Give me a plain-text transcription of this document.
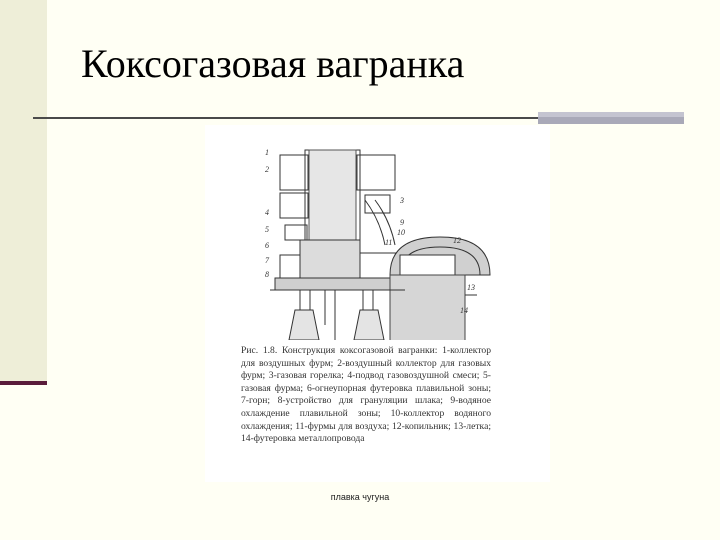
Коксогазовая вагранка
1
2
3
4
5
6
7
8
9
10
11	12
13
14
Рис. 1.8. Конструкция коксогазовой вагранки: 1-коллектор для воздушных фурм; 2-воздушный коллектор для газовых фурм; 3-газовая горелка; 4-подвод газовоздушной смеси; 5- газовая фурма; 6-огнеупорная футеровка плавильной зоны; 7-горн; 8-устройство для грануляции шлака; 9-водяное охлаждение плавильной зоны; 10-коллектор водяного охлаждения; 11-фурмы для воздуха; 12-копильник; 13-летка; 14-футеровка металлопровода
плавка чугуна
